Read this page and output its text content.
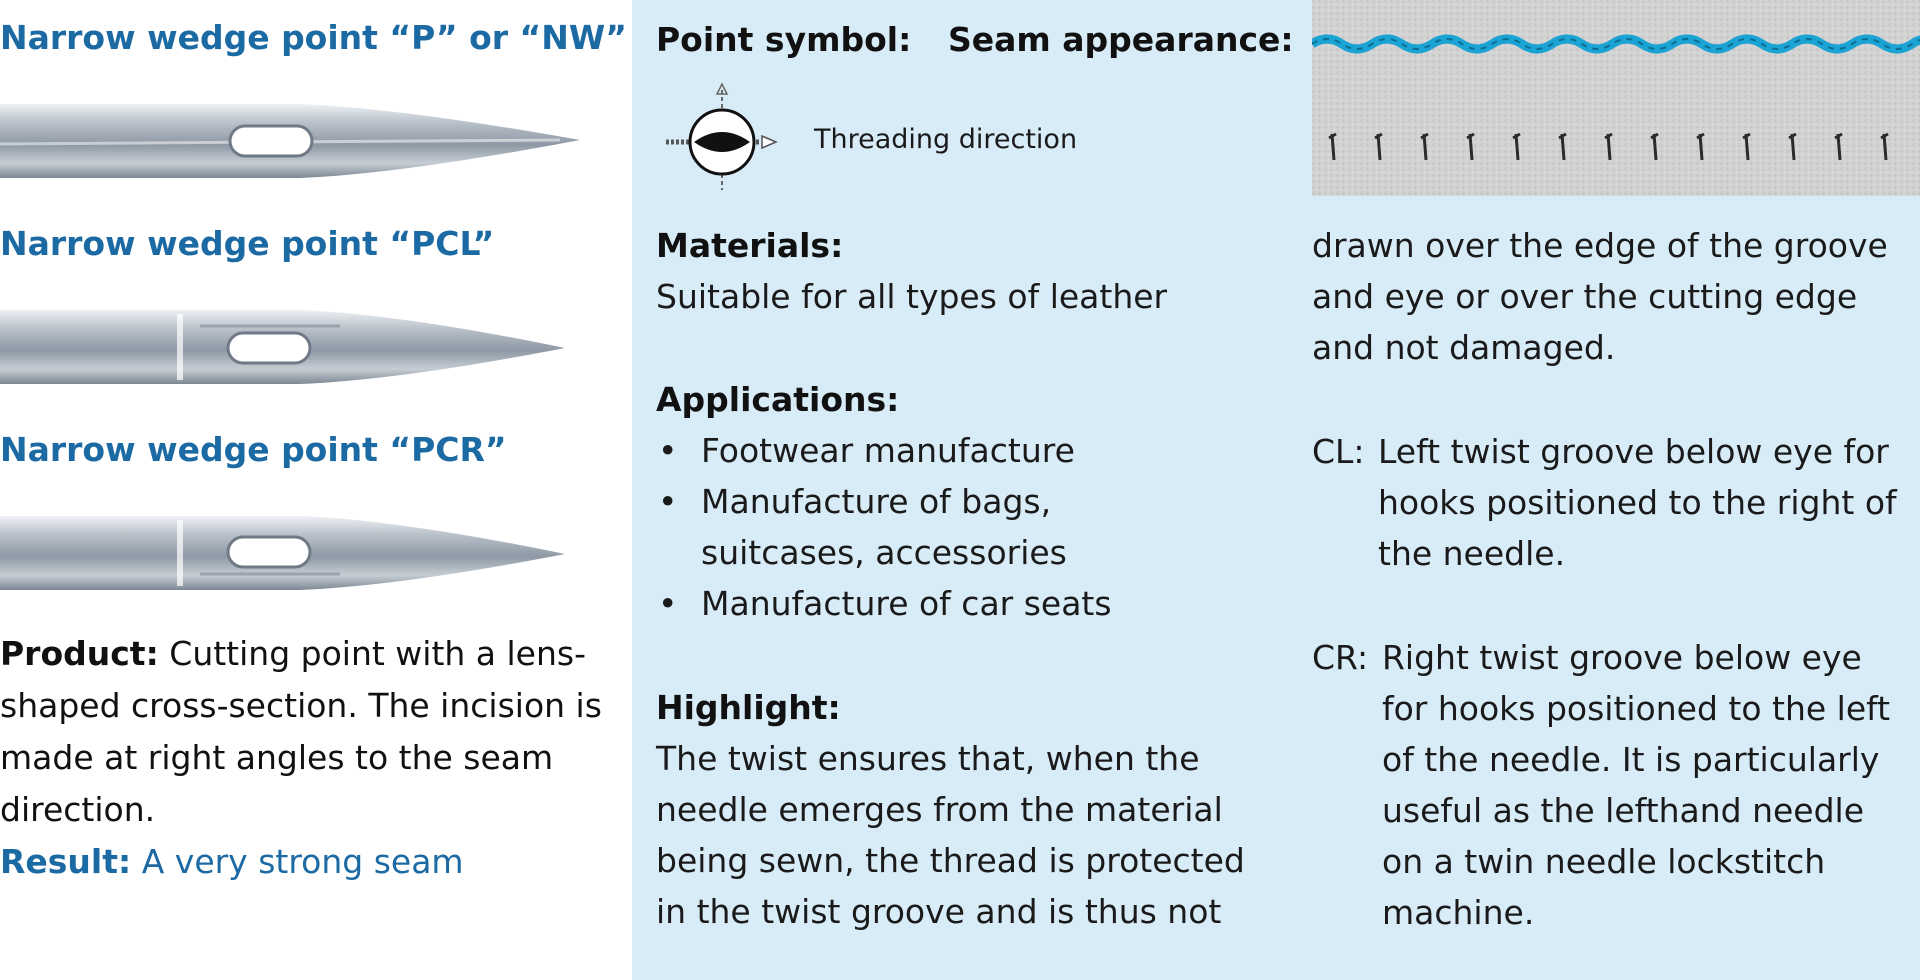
Narrow wedge point “P” or “NW”
Narrow wedge point “PCL”
Narrow wedge point “PCR”
Product: Cutting point with a lens-shaped cross-section. The incision is made at right angles to the seam direction.
Result: A very strong seam
Point symbol: Seam appearance:
Threading direction
Materials:
Suitable for all types of leather
Applications:
• Footwear manufacture
• Manufacture of bags, suitcases, accessories
• Manufacture of car seats
Highlight:
The twist ensures that, when the needle emerges from the material being sewn, the thread is protected in the twist groove and is thus not
drawn over the edge of the groove and eye or over the cutting edge and not damaged.
CL: Left twist groove below eye for hooks positioned to the right of the needle.
CR: Right twist groove below eye for hooks positioned to the left of the needle. It is particularly useful as the lefthand needle on a twin needle lockstitch machine.
